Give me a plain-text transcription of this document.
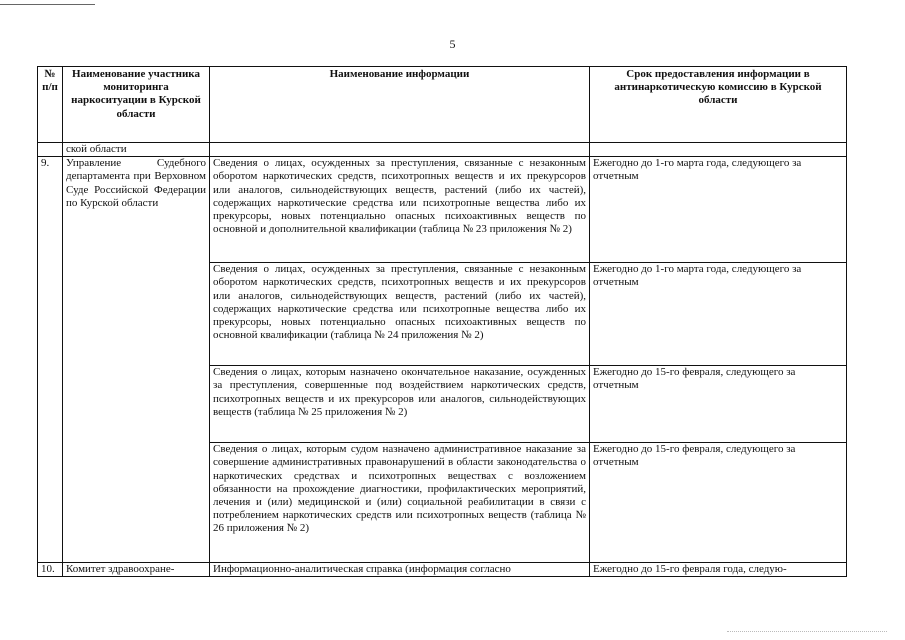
5
№ п/п	Наименование участника мониторинга наркоситуации в Курской области	Наименование информации	Срок предоставления информации в антинаркотическую комиссию в Курской области
	ской области		
9.	Управление Судебного департамента при Верховном Суде Российской Федерации по Курской области	Сведения о лицах, осужденных за преступления, связанные с незаконным оборотом наркотических средств, психотропных веществ и их прекурсоров или аналогов, сильнодействующих веществ, растений (либо их частей), содержащих наркотические средства или психотропные вещества либо их прекурсоры, новых потенциально опасных психоактивных веществ по основной и дополнительной квалификации (таблица № 23 приложения № 2)	Ежегодно до 1-го марта года, следующего за отчетным
		Сведения о лицах, осужденных за преступления, связанные с незаконным оборотом наркотических средств, психотропных веществ и их прекурсоров или аналогов, сильнодействующих веществ, растений (либо их частей), содержащих наркотические средства или психотропные вещества либо их прекурсоры, новых потенциально опасных психоактивных веществ по основной квалификации (таблица № 24 приложения № 2)	Ежегодно до 1-го марта года, следующего за отчетным
		Сведения о лицах, которым назначено окончательное наказание, осужденных за преступления, совершенные под воздействием наркотических средств, психотропных веществ и их прекурсоров или аналогов, сильнодействующих веществ (таблица № 25 приложения № 2)	Ежегодно до 15-го февраля, следующего за отчетным
		Сведения о лицах, которым судом назначено административное наказание за совершение административных правонарушений в области законодательства о наркотических средствах и психотропных веществах с возложением обязанности на прохождение диагностики, профилактических мероприятий, лечения и (или) медицинской и (или) социальной реабилитации в связи с потреблением наркотических средств или психотропных веществ (таблица № 26 приложения № 2)	Ежегодно до 15-го февраля, следующего за отчетным
10.	Комитет здравоохране-	Информационно-аналитическая справка (информация согласно	Ежегодно до 15-го февраля года, следую-
